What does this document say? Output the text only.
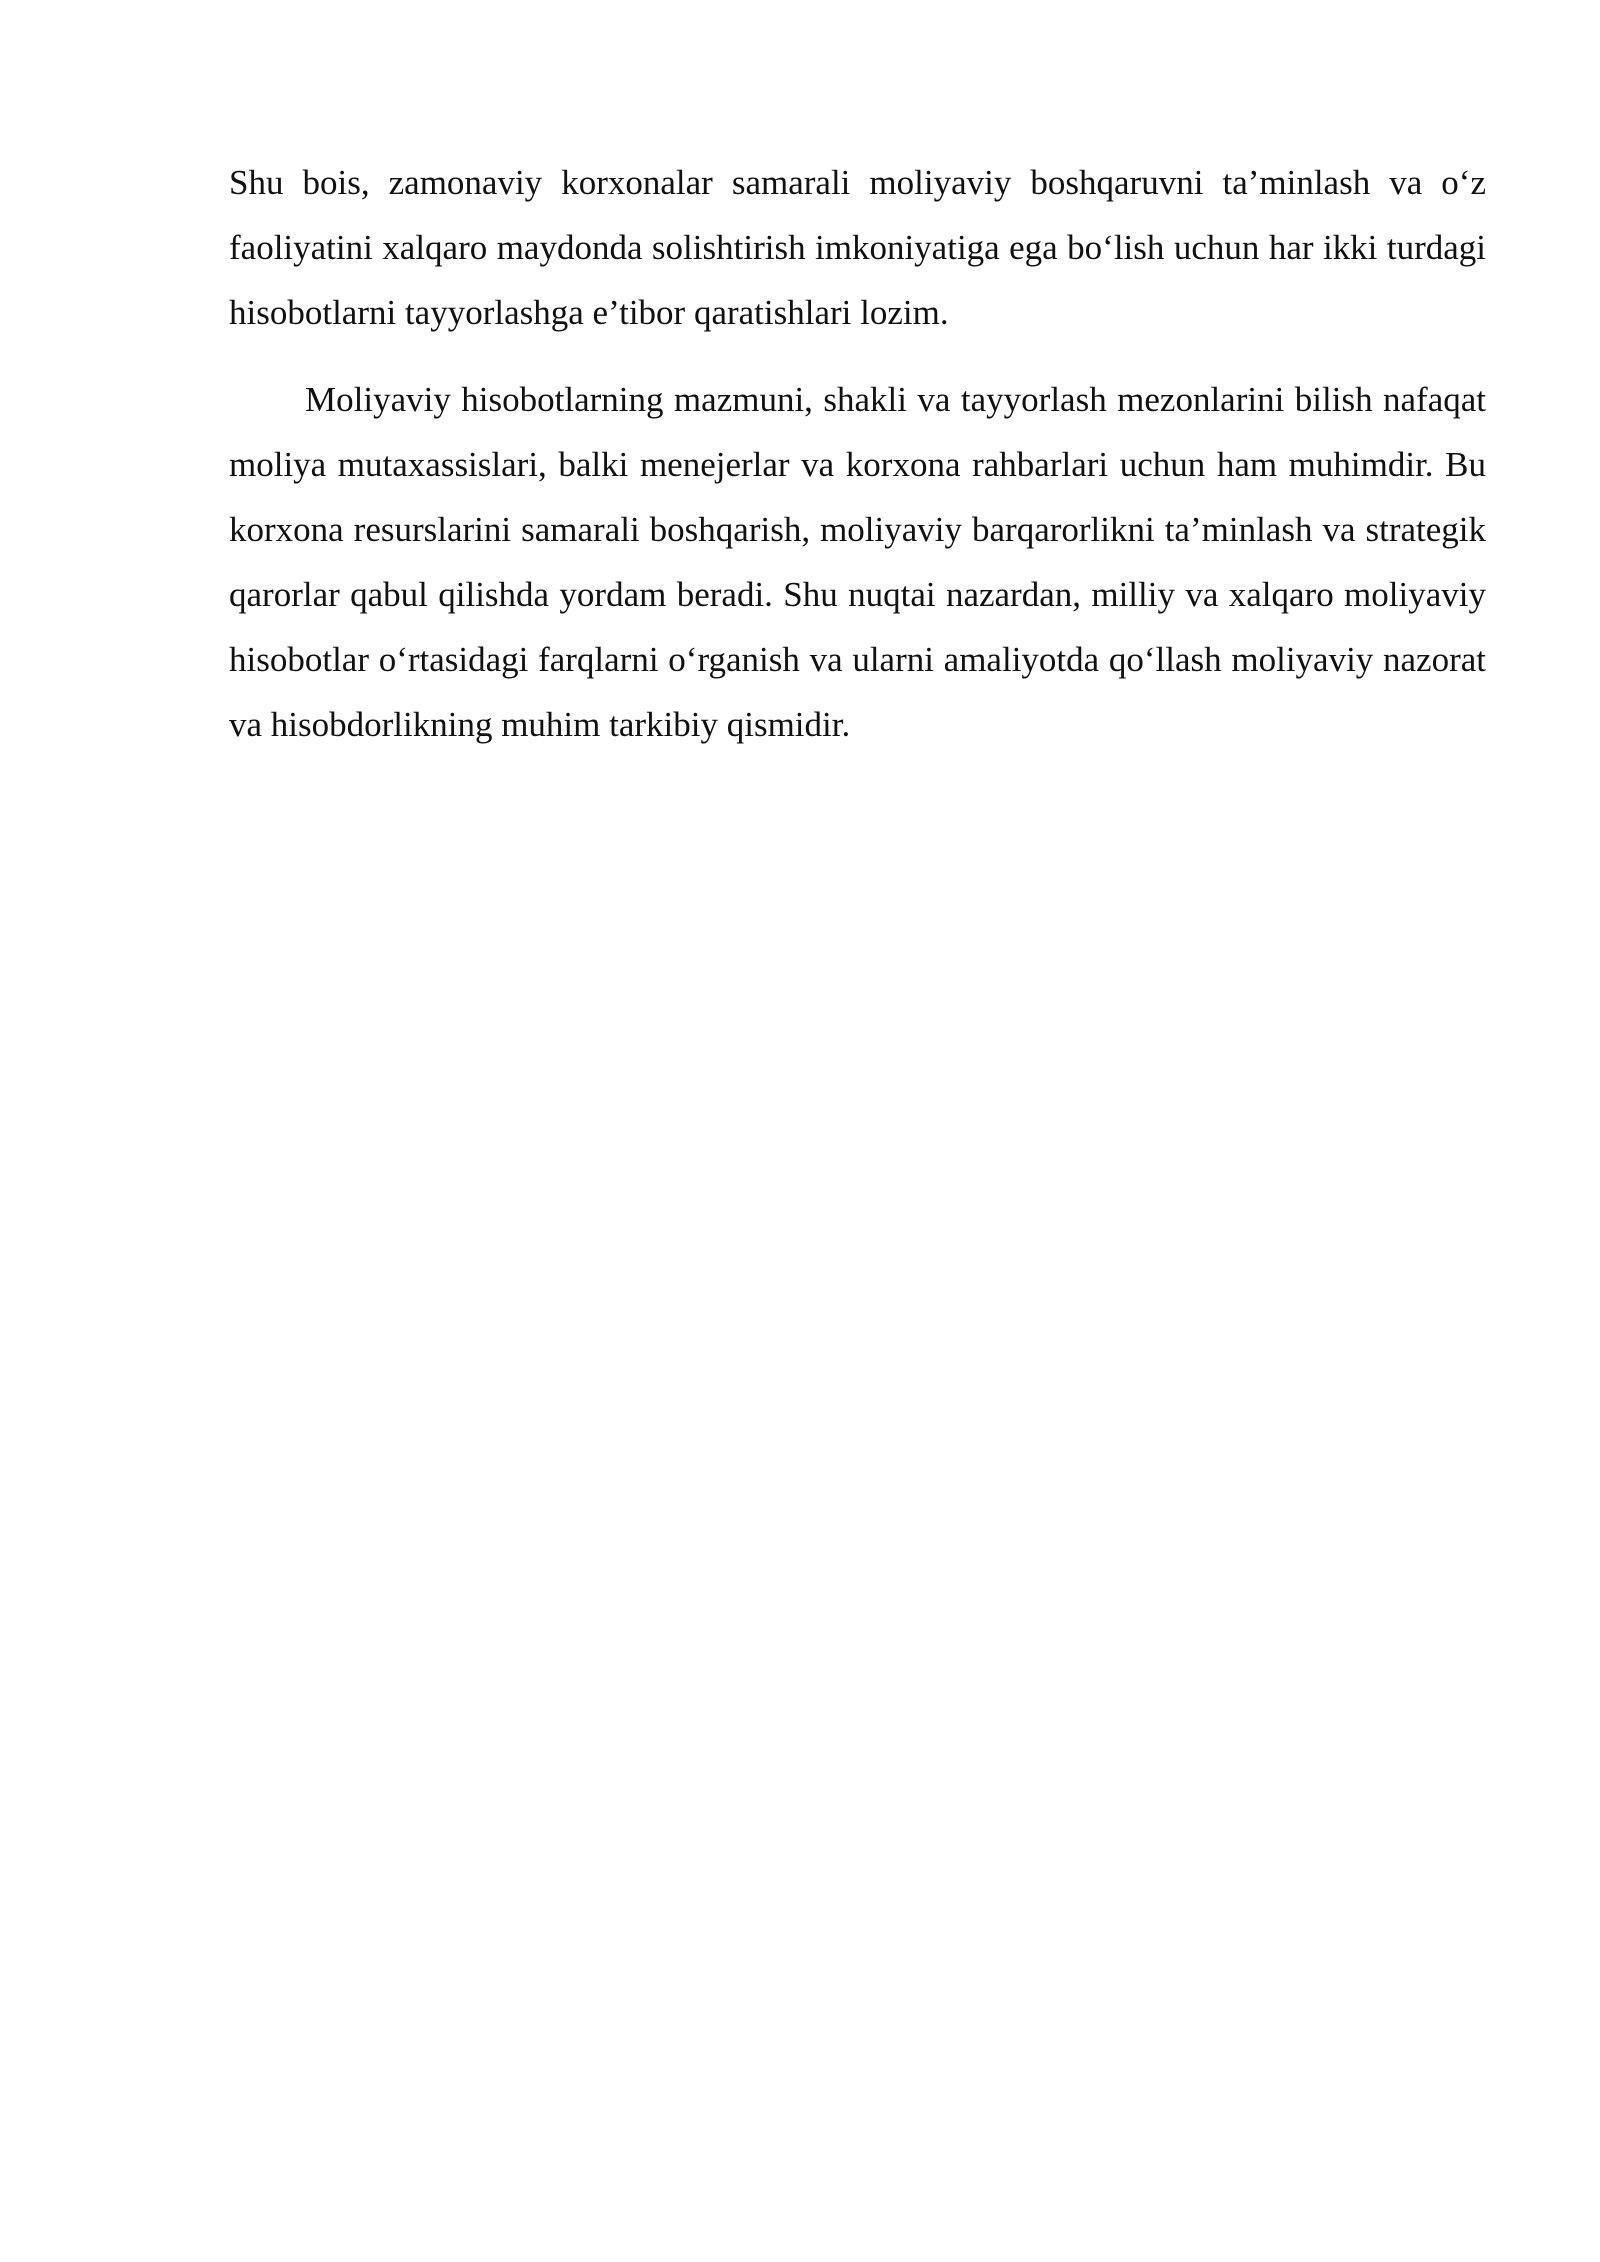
Shu bois, zamonaviy korxonalar samarali moliyaviy boshqaruvni ta’minlash va o‘z faoliyatini xalqaro maydonda solishtirish imkoniyatiga ega bo‘lish uchun har ikki turdagi hisobotlarni tayyorlashga e’tibor qaratishlari lozim.

Moliyaviy hisobotlarning mazmuni, shakli va tayyorlash mezonlarini bilish nafaqat moliya mutaxassislari, balki menejerlar va korxona rahbarlari uchun ham muhimdir. Bu korxona resurslarini samarali boshqarish, moliyaviy barqarorlikni ta’minlash va strategik qarorlar qabul qilishda yordam beradi. Shu nuqtai nazardan, milliy va xalqaro moliyaviy hisobotlar o‘rtasidagi farqlarni o‘rganish va ularni amaliyotda qo‘llash moliyaviy nazorat va hisobdorlikning muhim tarkibiy qismidir.
